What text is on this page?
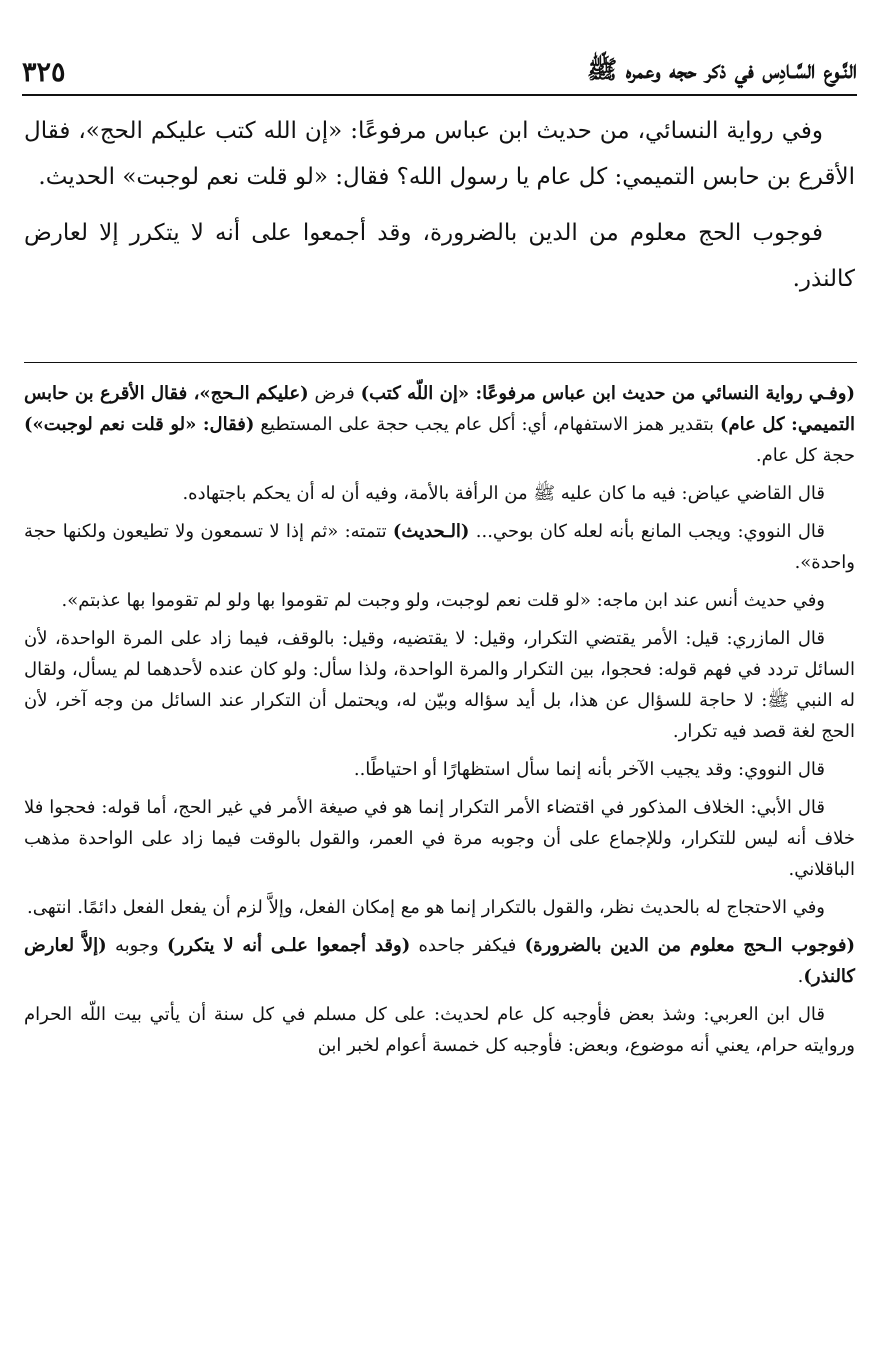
النَّـوع السَّـادِس في ذكر حجه وعمره ﷺ
٣٢٥

وفي رواية النسائي، من حديث ابن عباس مرفوعًا: «إن الله كتب عليكم الحج»، فقال الأقرع بن حابس التميمي: كل عام يا رسول الله؟ فقال: «لو قلت نعم لوجبت» الحديث.

فوجوب الحج معلوم من الدين بالضرورة، وقد أجمعوا على أنه لا يتكرر إلا لعارض كالنذر.

(وفـي رواية النسائي من حديث ابن عباس مرفوعًا: «إن اللّه كتب) فرض (عليكم الـحج»، فقال الأقرع بن حابس التميمي: كل عام) بتقدير همز الاستفهام، أي: أكل عام يجب حجة على المستطيع (فقال: «لو قلت نعم لوجبت») حجة كل عام.

قال القاضي عياض: فيه ما كان عليه ﷺ من الرأفة بالأمة، وفيه أن له أن يحكم باجتهاده.

قال النووي: ويجب المانع بأنه لعله كان بوحي... (الـحديث) تتمته: «ثم إذا لا تسمعون ولا تطيعون ولكنها حجة واحدة».

وفي حديث أنس عند ابن ماجه: «لو قلت نعم لوجبت، ولو وجبت لم تقوموا بها ولو لم تقوموا بها عذبتم».

قال المازري: قيل: الأمر يقتضي التكرار، وقيل: لا يقتضيه، وقيل: بالوقف، فيما زاد على المرة الواحدة، لأن السائل تردد في فهم قوله: فحجوا، بين التكرار والمرة الواحدة، ولذا سأل: ولو كان عنده لأحدهما لم يسأل، ولقال له النبي ﷺ: لا حاجة للسؤال عن هذا، بل أيد سؤاله وبيّن له، ويحتمل أن التكرار عند السائل من وجه آخر، لأن الحج لغة قصد فيه تكرار.

قال النووي: وقد يجيب الآخر بأنه إنما سأل استظهارًا أو احتياطًا..

قال الأبي: الخلاف المذكور في اقتضاء الأمر التكرار إنما هو في صيغة الأمر في غير الحج، أما قوله: فحجوا فلا خلاف أنه ليس للتكرار، وللإجماع على أن وجوبه مرة في العمر، والقول بالوقت فيما زاد على الواحدة مذهب الباقلاني.

وفي الاحتجاج له بالحديث نظر، والقول بالتكرار إنما هو مع إمكان الفعل، وإلاَّ لزم أن يفعل الفعل دائمًا. انتهى.

(فوجوب الـحج معلوم من الدين بالضرورة) فيكفر جاحده (وقد أجمعوا علـى أنه لا يتكرر) وجوبه (إلاَّ لعارض كالنذر).

قال ابن العربي: وشذ بعض فأوجبه كل عام لحديث: على كل مسلم في كل سنة أن يأتي بيت اللّه الحرام وروايته حرام، يعني أنه موضوع، وبعض: فأوجبه كل خمسة أعوام لخبر ابن
